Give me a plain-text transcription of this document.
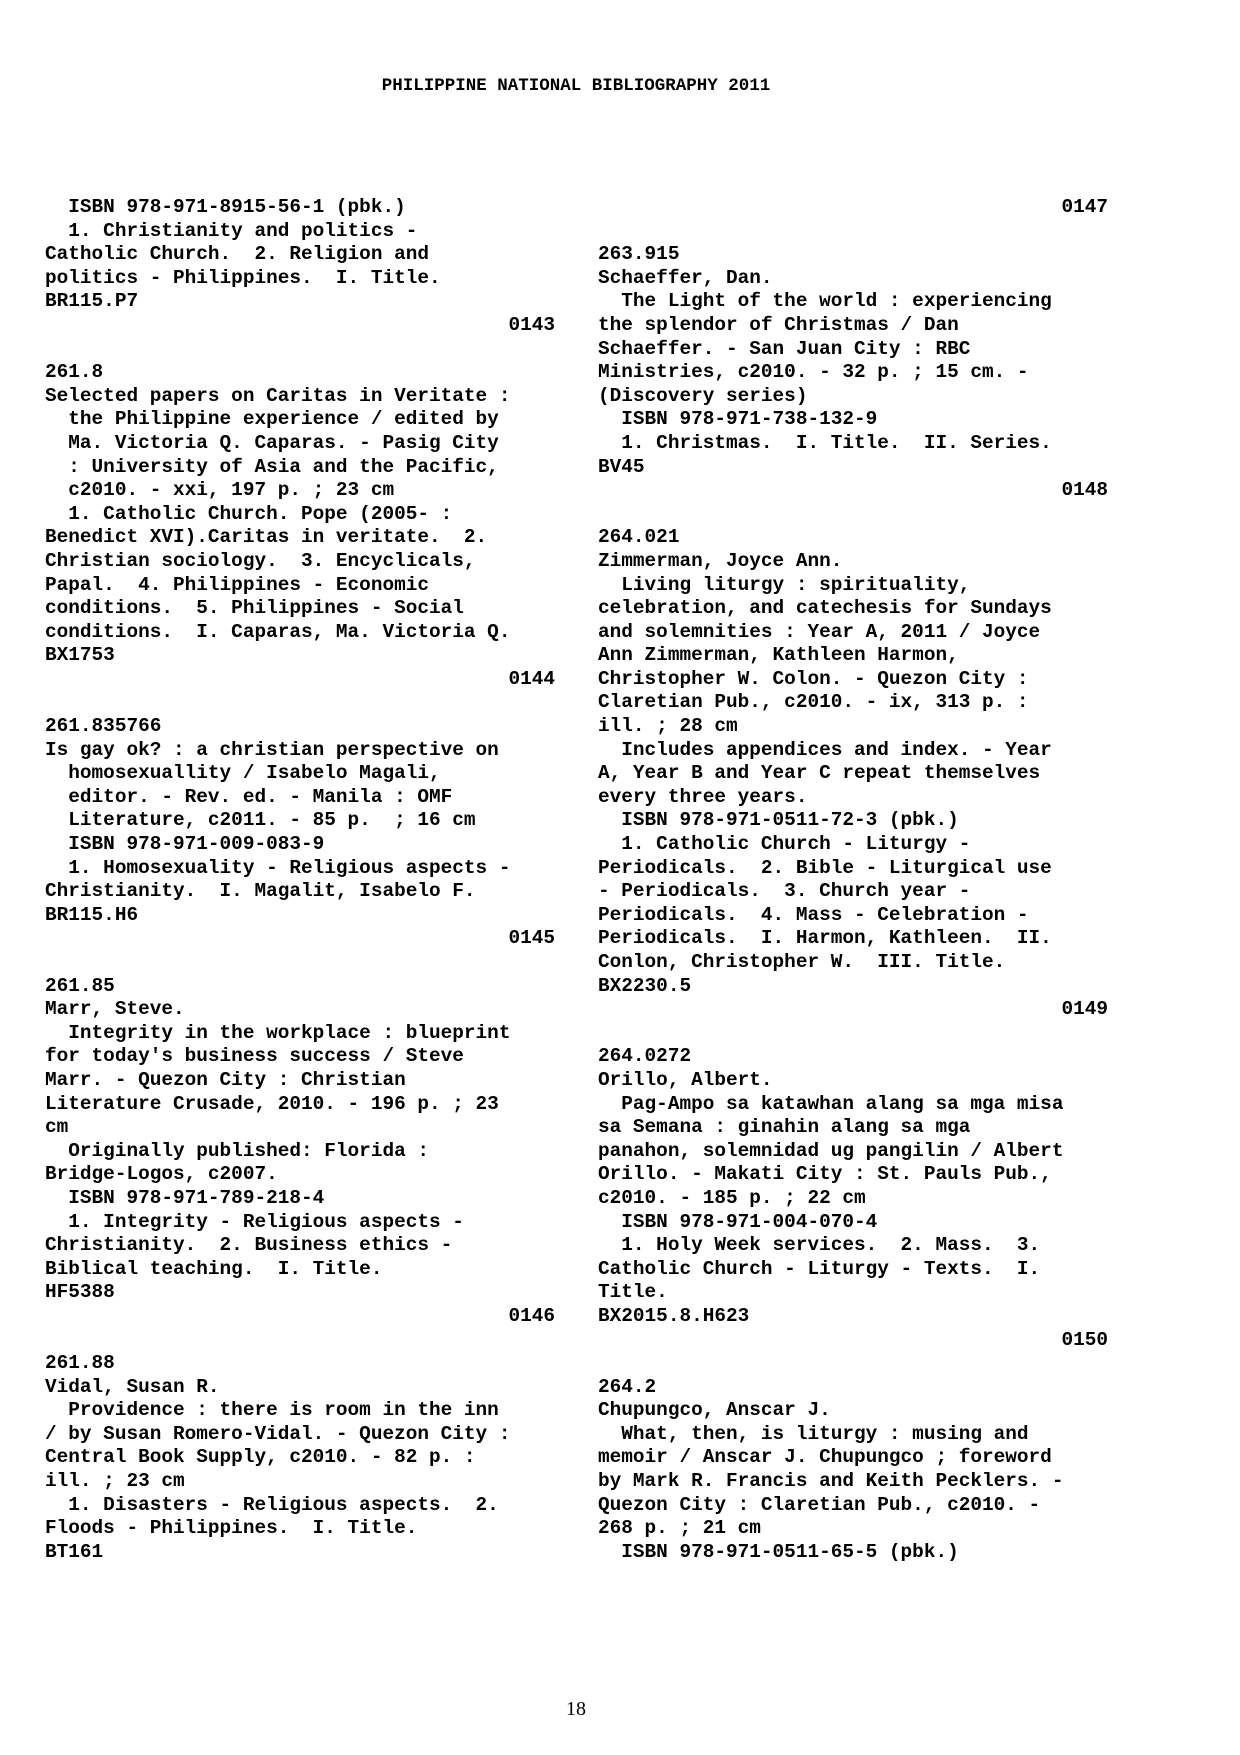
PHILIPPINE NATIONAL BIBLIOGRAPHY 2011
ISBN 978-971-8915-56-1 (pbk.)
1. Christianity and politics -
Catholic Church.  2. Religion and
politics - Philippines.  I. Title.
BR115.P7
0143
261.8
Selected papers on Caritas in Veritate :
the Philippine experience / edited by
Ma. Victoria Q. Caparas. - Pasig City
: University of Asia and the Pacific,
c2010. - xxi, 197 p. ; 23 cm
1. Catholic Church. Pope (2005- :
Benedict XVI).Caritas in veritate.  2.
Christian sociology.  3. Encyclicals,
Papal.  4. Philippines - Economic
conditions.  5. Philippines - Social
conditions.  I. Caparas, Ma. Victoria Q.
BX1753
0144
261.835766
Is gay ok? : a christian perspective on
homosexuallity / Isabelo Magali,
editor. - Rev. ed. - Manila : OMF
Literature, c2011. - 85 p.  ; 16 cm
ISBN 978-971-009-083-9
1. Homosexuality - Religious aspects -
Christianity.  I. Magalit, Isabelo F.
BR115.H6
0145
261.85
Marr, Steve.
Integrity in the workplace : blueprint
for today's business success / Steve
Marr. - Quezon City : Christian
Literature Crusade, 2010. - 196 p. ; 23
cm
Originally published: Florida :
Bridge-Logos, c2007.
ISBN 978-971-789-218-4
1. Integrity - Religious aspects -
Christianity.  2. Business ethics -
Biblical teaching.  I. Title.
HF5388
0146
261.88
Vidal, Susan R.
Providence : there is room in the inn
/ by Susan Romero-Vidal. - Quezon City :
Central Book Supply, c2010. - 82 p. :
ill. ; 23 cm
1. Disasters - Religious aspects.  2.
Floods - Philippines.  I. Title.
BT161
0147
263.915
Schaeffer, Dan.
The Light of the world : experiencing
the splendor of Christmas / Dan
Schaeffer. - San Juan City : RBC
Ministries, c2010. - 32 p. ; 15 cm. -
(Discovery series)
ISBN 978-971-738-132-9
1. Christmas.  I. Title.  II. Series.
BV45
0148
264.021
Zimmerman, Joyce Ann.
Living liturgy : spirituality,
celebration, and catechesis for Sundays
and solemnities : Year A, 2011 / Joyce
Ann Zimmerman, Kathleen Harmon,
Christopher W. Colon. - Quezon City :
Claretian Pub., c2010. - ix, 313 p. :
ill. ; 28 cm
Includes appendices and index. - Year
A, Year B and Year C repeat themselves
every three years.
ISBN 978-971-0511-72-3 (pbk.)
1. Catholic Church - Liturgy -
Periodicals.  2. Bible - Liturgical use
- Periodicals.  3. Church year -
Periodicals.  4. Mass - Celebration -
Periodicals.  I. Harmon, Kathleen.  II.
Conlon, Christopher W.  III. Title.
BX2230.5
0149
264.0272
Orillo, Albert.
Pag-Ampo sa katawhan alang sa mga misa
sa Semana : ginahin alang sa mga
panahon, solemnidad ug pangilin / Albert
Orillo. - Makati City : St. Pauls Pub.,
c2010. - 185 p. ; 22 cm
ISBN 978-971-004-070-4
1. Holy Week services.  2. Mass.  3.
Catholic Church - Liturgy - Texts.  I.
Title.
BX2015.8.H623
0150
264.2
Chupungco, Anscar J.
What, then, is liturgy : musing and
memoir / Anscar J. Chupungco ; foreword
by Mark R. Francis and Keith Pecklers. -
Quezon City : Claretian Pub., c2010. -
268 p. ; 21 cm
ISBN 978-971-0511-65-5 (pbk.)
18
